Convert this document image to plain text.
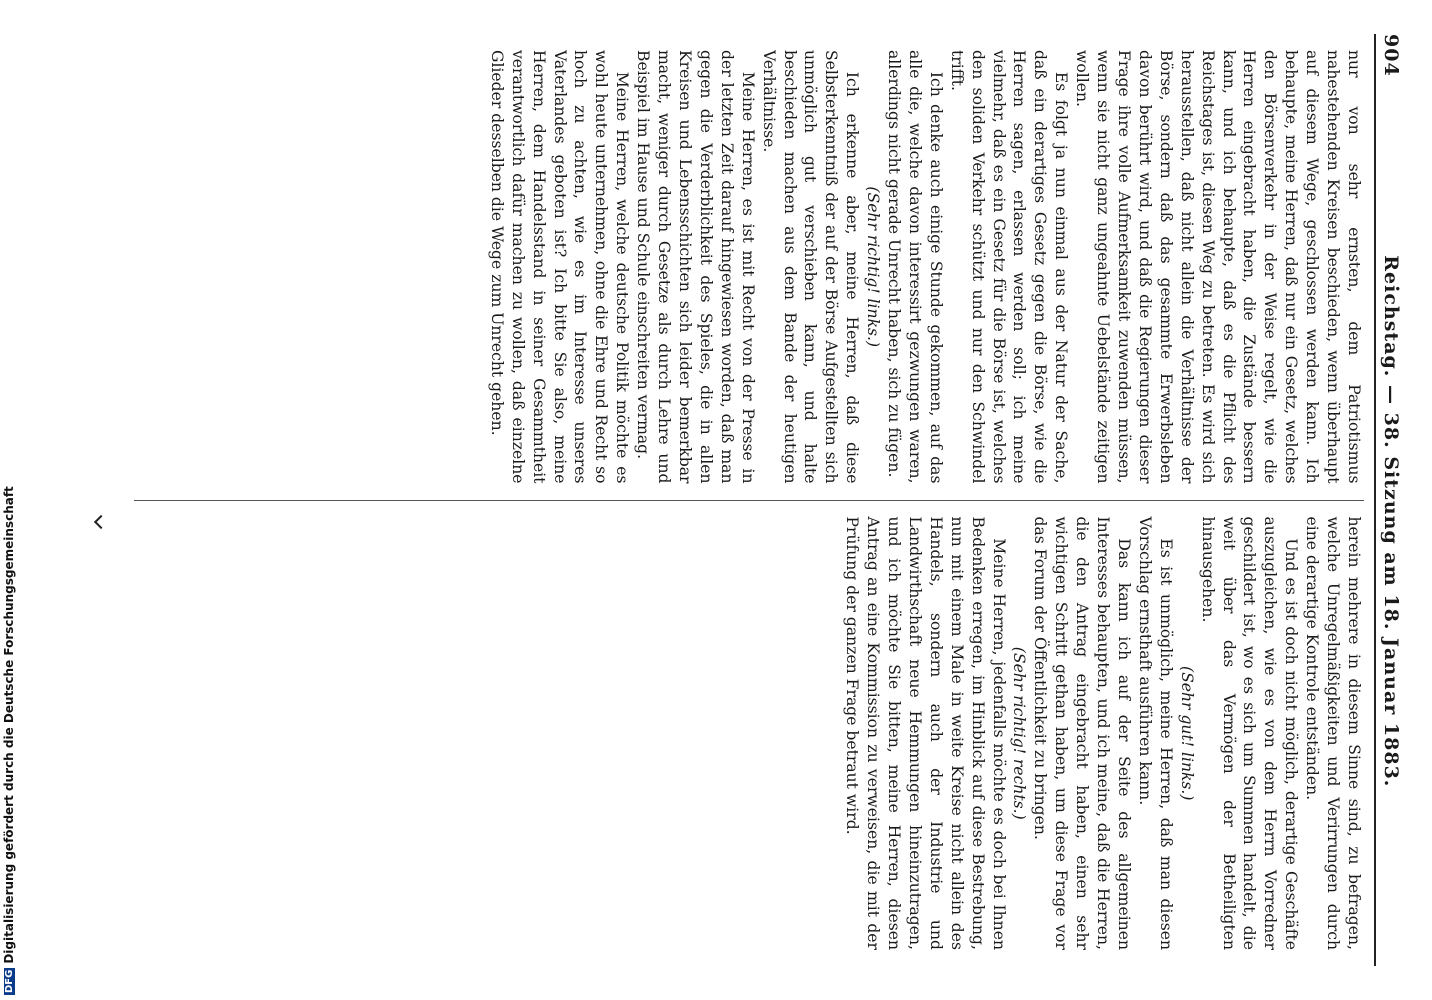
904
Reichstag. — 38. Sitzung am 18. Januar 1883.

nur von sehr ernsten, dem Patriotismus nahestehenden Kreisen beschieden, wenn überhaupt auf diesem Wege, geschlossen werden kann. Ich behaupte, meine Herren, daß nur ein Gesetz, welches den Börsenverkehr in der Weise regelt, wie die Herren eingebracht haben, die Zustände bessern kann, und ich behaupte, daß es die Pflicht des Reichstages ist, diesen Weg zu betreten. Es wird sich herausstellen, daß nicht allein die Verhältnisse der Börse, sondern daß das gesammte Erwerbsleben davon berührt wird, und daß die Regierungen dieser Frage ihre volle Aufmerksamkeit zuwenden müssen, wenn sie nicht ganz ungeahnte Uebelstände zeitigen wollen.

Es folgt ja nun einmal aus der Natur der Sache, daß ein derartiges Gesetz gegen die Börse, wie die Herren sagen, erlassen werden soll; ich meine vielmehr, daß es ein Gesetz für die Börse ist, welches den soliden Verkehr schützt und nur den Schwindel trifft.

Ich denke auch einige Stunde gekommen, auf das alle die, welche davon interessirt gezwungen waren, allerdings nicht gerade Unrecht haben, sich zu fügen.

(Sehr richtig! links.)

Ich erkenne aber, meine Herren, daß diese Selbsterkenntniß der auf der Börse Aufgestellten sich unmöglich gut verschieben kann, und halte beschieden machen aus dem Bande der heutigen Verhältnisse.

Meine Herren, es ist mit Recht von der Presse in der letzten Zeit darauf hingewiesen worden, daß man gegen die Verderblichkeit des Spieles, die in allen Kreisen und Lebensschichten sich leider bemerkbar macht, weniger durch Gesetze als durch Lehre und Beispiel im Hause und Schule einschreiten vermag.

Meine Herren, welche deutsche Politik möchte es wohl heute unternehmen, ohne die Ehre und Recht so hoch zu achten, wie es im Interesse unseres Vaterlandes geboten ist? Ich bitte Sie also, meine Herren, dem Handelsstand in seiner Gesammtheit verantwortlich dafür machen zu wollen, daß einzelne Glieder desselben die Wege zum Unrecht gehen.

herein mehrere in diesem Sinne sind, zu befragen, welche Unregelmäßigkeiten und Verirrungen durch eine derartige Kontrole entständen.

Und es ist doch nicht möglich, derartige Geschäfte auszugleichen, wie es von dem Herrn Vorredner geschildert ist, wo es sich um Summen handelt, die weit über das Vermögen der Betheiligten hinausgehen.

(Sehr gut! links.)

Es ist unmöglich, meine Herren, daß man diesen Vorschlag ernsthaft ausführen kann.

Das kann ich auf der Seite des allgemeinen Interesses behaupten, und ich meine, daß die Herren, die den Antrag eingebracht haben, einen sehr wichtigen Schritt gethan haben, um diese Frage vor das Forum der Öffentlichkeit zu bringen.

(Sehr richtig! rechts.)

Meine Herren, jedenfalls möchte es doch bei Ihnen Bedenken erregen, im Hinblick auf diese Bestrebung, nun mit einem Male in weite Kreise nicht allein des Handels, sondern auch der Industrie und Landwirthschaft neue Hemmungen hineinzutragen, und ich möchte Sie bitten, meine Herren, diesen Antrag an eine Kommission zu verweisen, die mit der Prüfung der ganzen Frage betraut wird.

DFGDigitalisierung gefördert durch die Deutsche Forschungsgemeinschaft
